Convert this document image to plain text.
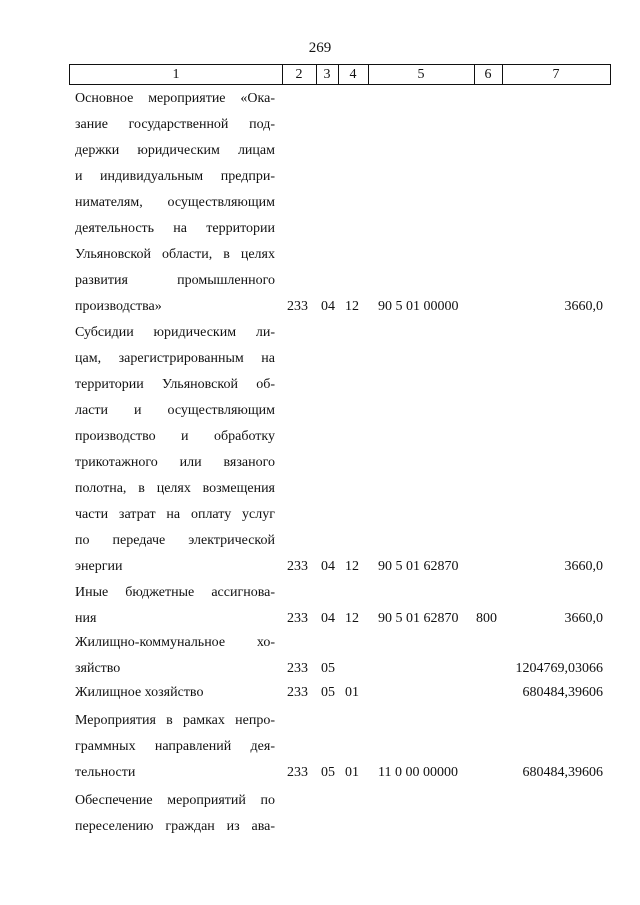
269
1	2	3	4	5	6	7
Основное мероприятие «Ока-
зание государственной под-
держки юридическим лицам
и индивидуальным предпри-
нимателям, осуществляющим
деятельность на территории
Ульяновской области, в целях
развития промышленного
производства»	233 04 12 90 5 01 00000	3660,0
Субсидии юридическим ли-
цам, зарегистрированным на
территории Ульяновской об-
ласти и осуществляющим
производство и обработку
трикотажного или вязаного
полотна, в целях возмещения
части затрат на оплату услуг
по передаче электрической
энергии	233 04 12 90 5 01 62870	3660,0
Иные бюджетные ассигнова-
ния	233 04 12 90 5 01 62870 800	3660,0
Жилищно-коммунальное хо-
зяйство	233 05	1204769,03066
Жилищное хозяйство	233 05 01	680484,39606
Мероприятия в рамках непро-
граммных направлений дея-
тельности	233 05 01 11 0 00 00000	680484,39606
Обеспечение мероприятий по
переселению граждан из ава-
